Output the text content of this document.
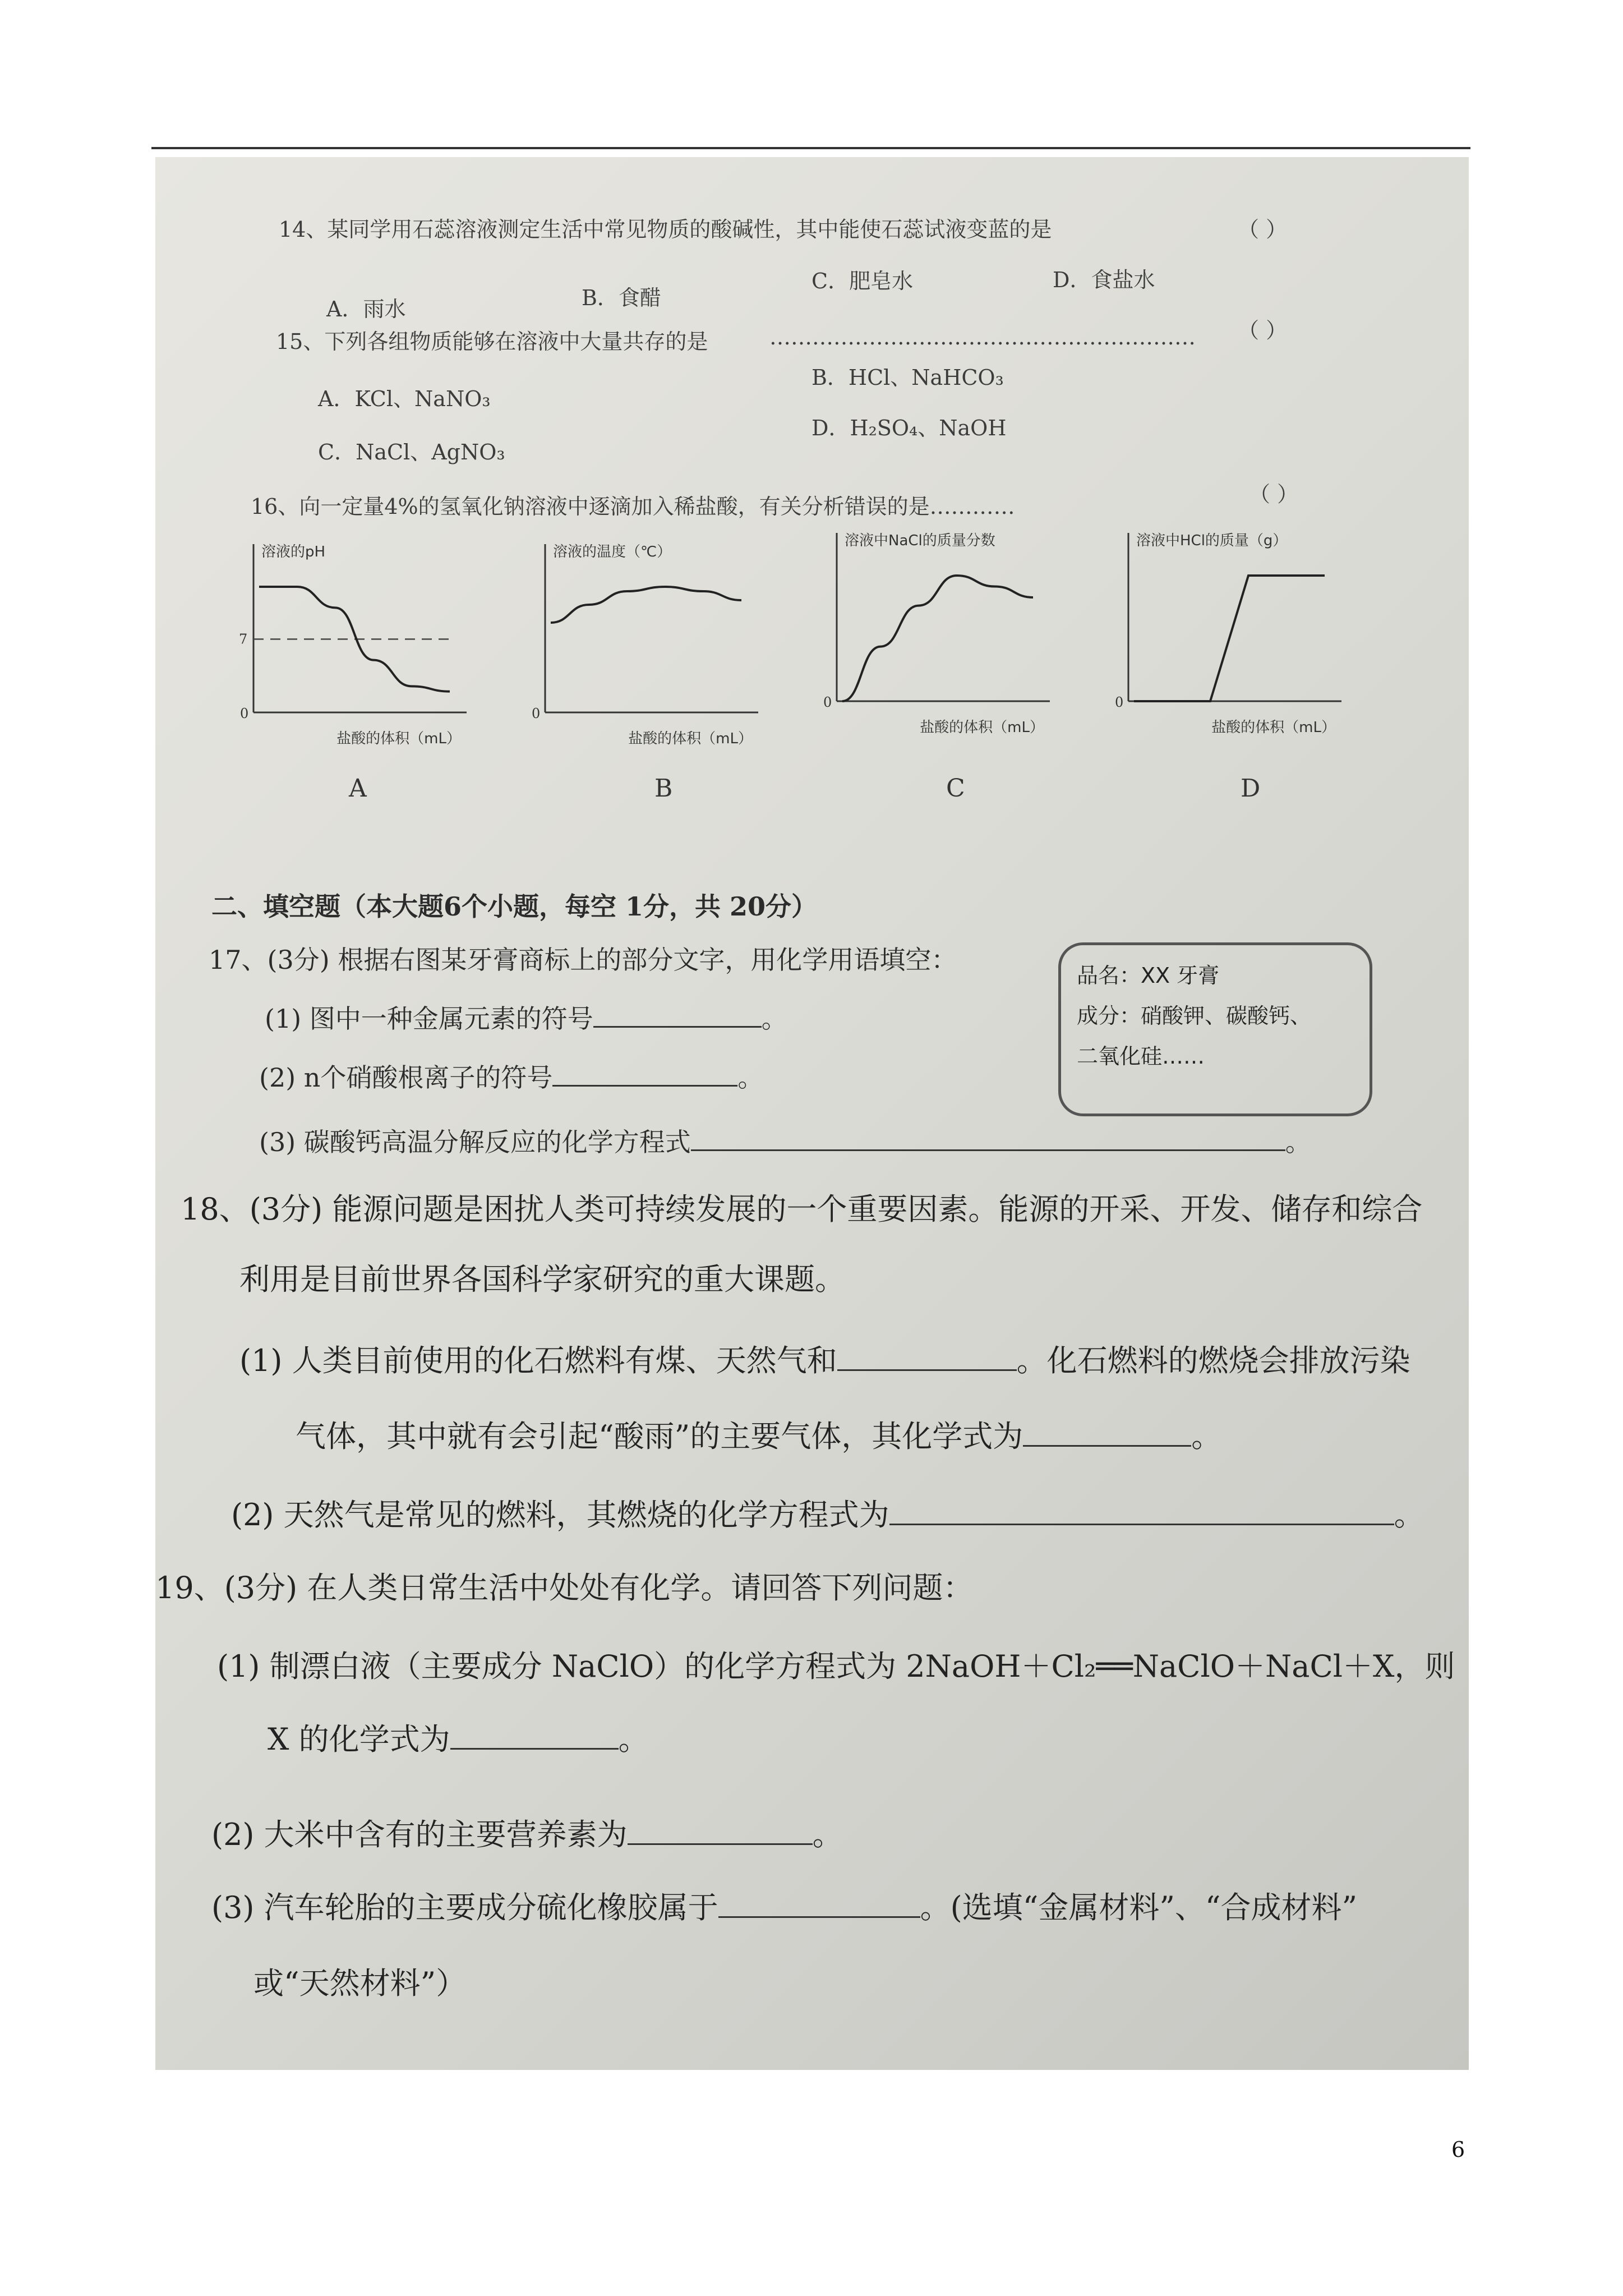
14、某同学用石蕊溶液测定生活中常见物质的酸碱性，其中能使石蕊试液变蓝的是	（ ）
A．雨水	B．食醋
C．肥皂水	D．食盐水
15、下列各组物质能够在溶液中大量共存的是	…………………………………………………… （ ）
A．KCl、NaNO₃
B．HCl、NaHCO₃
C．NaCl、AgNO₃
D．H₂SO₄、NaOH
16、向一定量4%的氢氧化钠溶液中逐滴加入稀盐酸，有关分析错误的是…………	（ ）
溶液的pH
盐酸的体积（mL）
0
7
溶液的温度（℃）
盐酸的体积（mL）
0
溶液中NaCl的质量分数
盐酸的体积（mL）
0
溶液中HCl的质量（g）
盐酸的体积（mL）
0
A	B	C	D
二、填空题（本大题6个小题，每空 1分，共 20分）
17、(3分) 根据右图某牙膏商标上的部分文字，用化学用语填空：
(1) 图中一种金属元素的符号	。
(2) n个硝酸根离子的符号	。
(3) 碳酸钙高温分解反应的化学方程式	。
品名：XX 牙膏
成分：硝酸钾、碳酸钙、
二氧化硅……
18、(3分) 能源问题是困扰人类可持续发展的一个重要因素。能源的开采、开发、储存和综合
利用是目前世界各国科学家研究的重大课题。
(1) 人类目前使用的化石燃料有煤、天然气和	。化石燃料的燃烧会排放污染
气体，其中就有会引起“酸雨”的主要气体，其化学式为	。
(2) 天然气是常见的燃料，其燃烧的化学方程式为	。
19、(3分) 在人类日常生活中处处有化学。请回答下列问题：
(1) 制漂白液（主要成分 NaClO）的化学方程式为 2NaOH＋Cl₂══NaClO＋NaCl＋X，则
X 的化学式为	。
(2) 大米中含有的主要营养素为	。
(3) 汽车轮胎的主要成分硫化橡胶属于	。(选填“金属材料”、“合成材料”
或“天然材料”）
6
